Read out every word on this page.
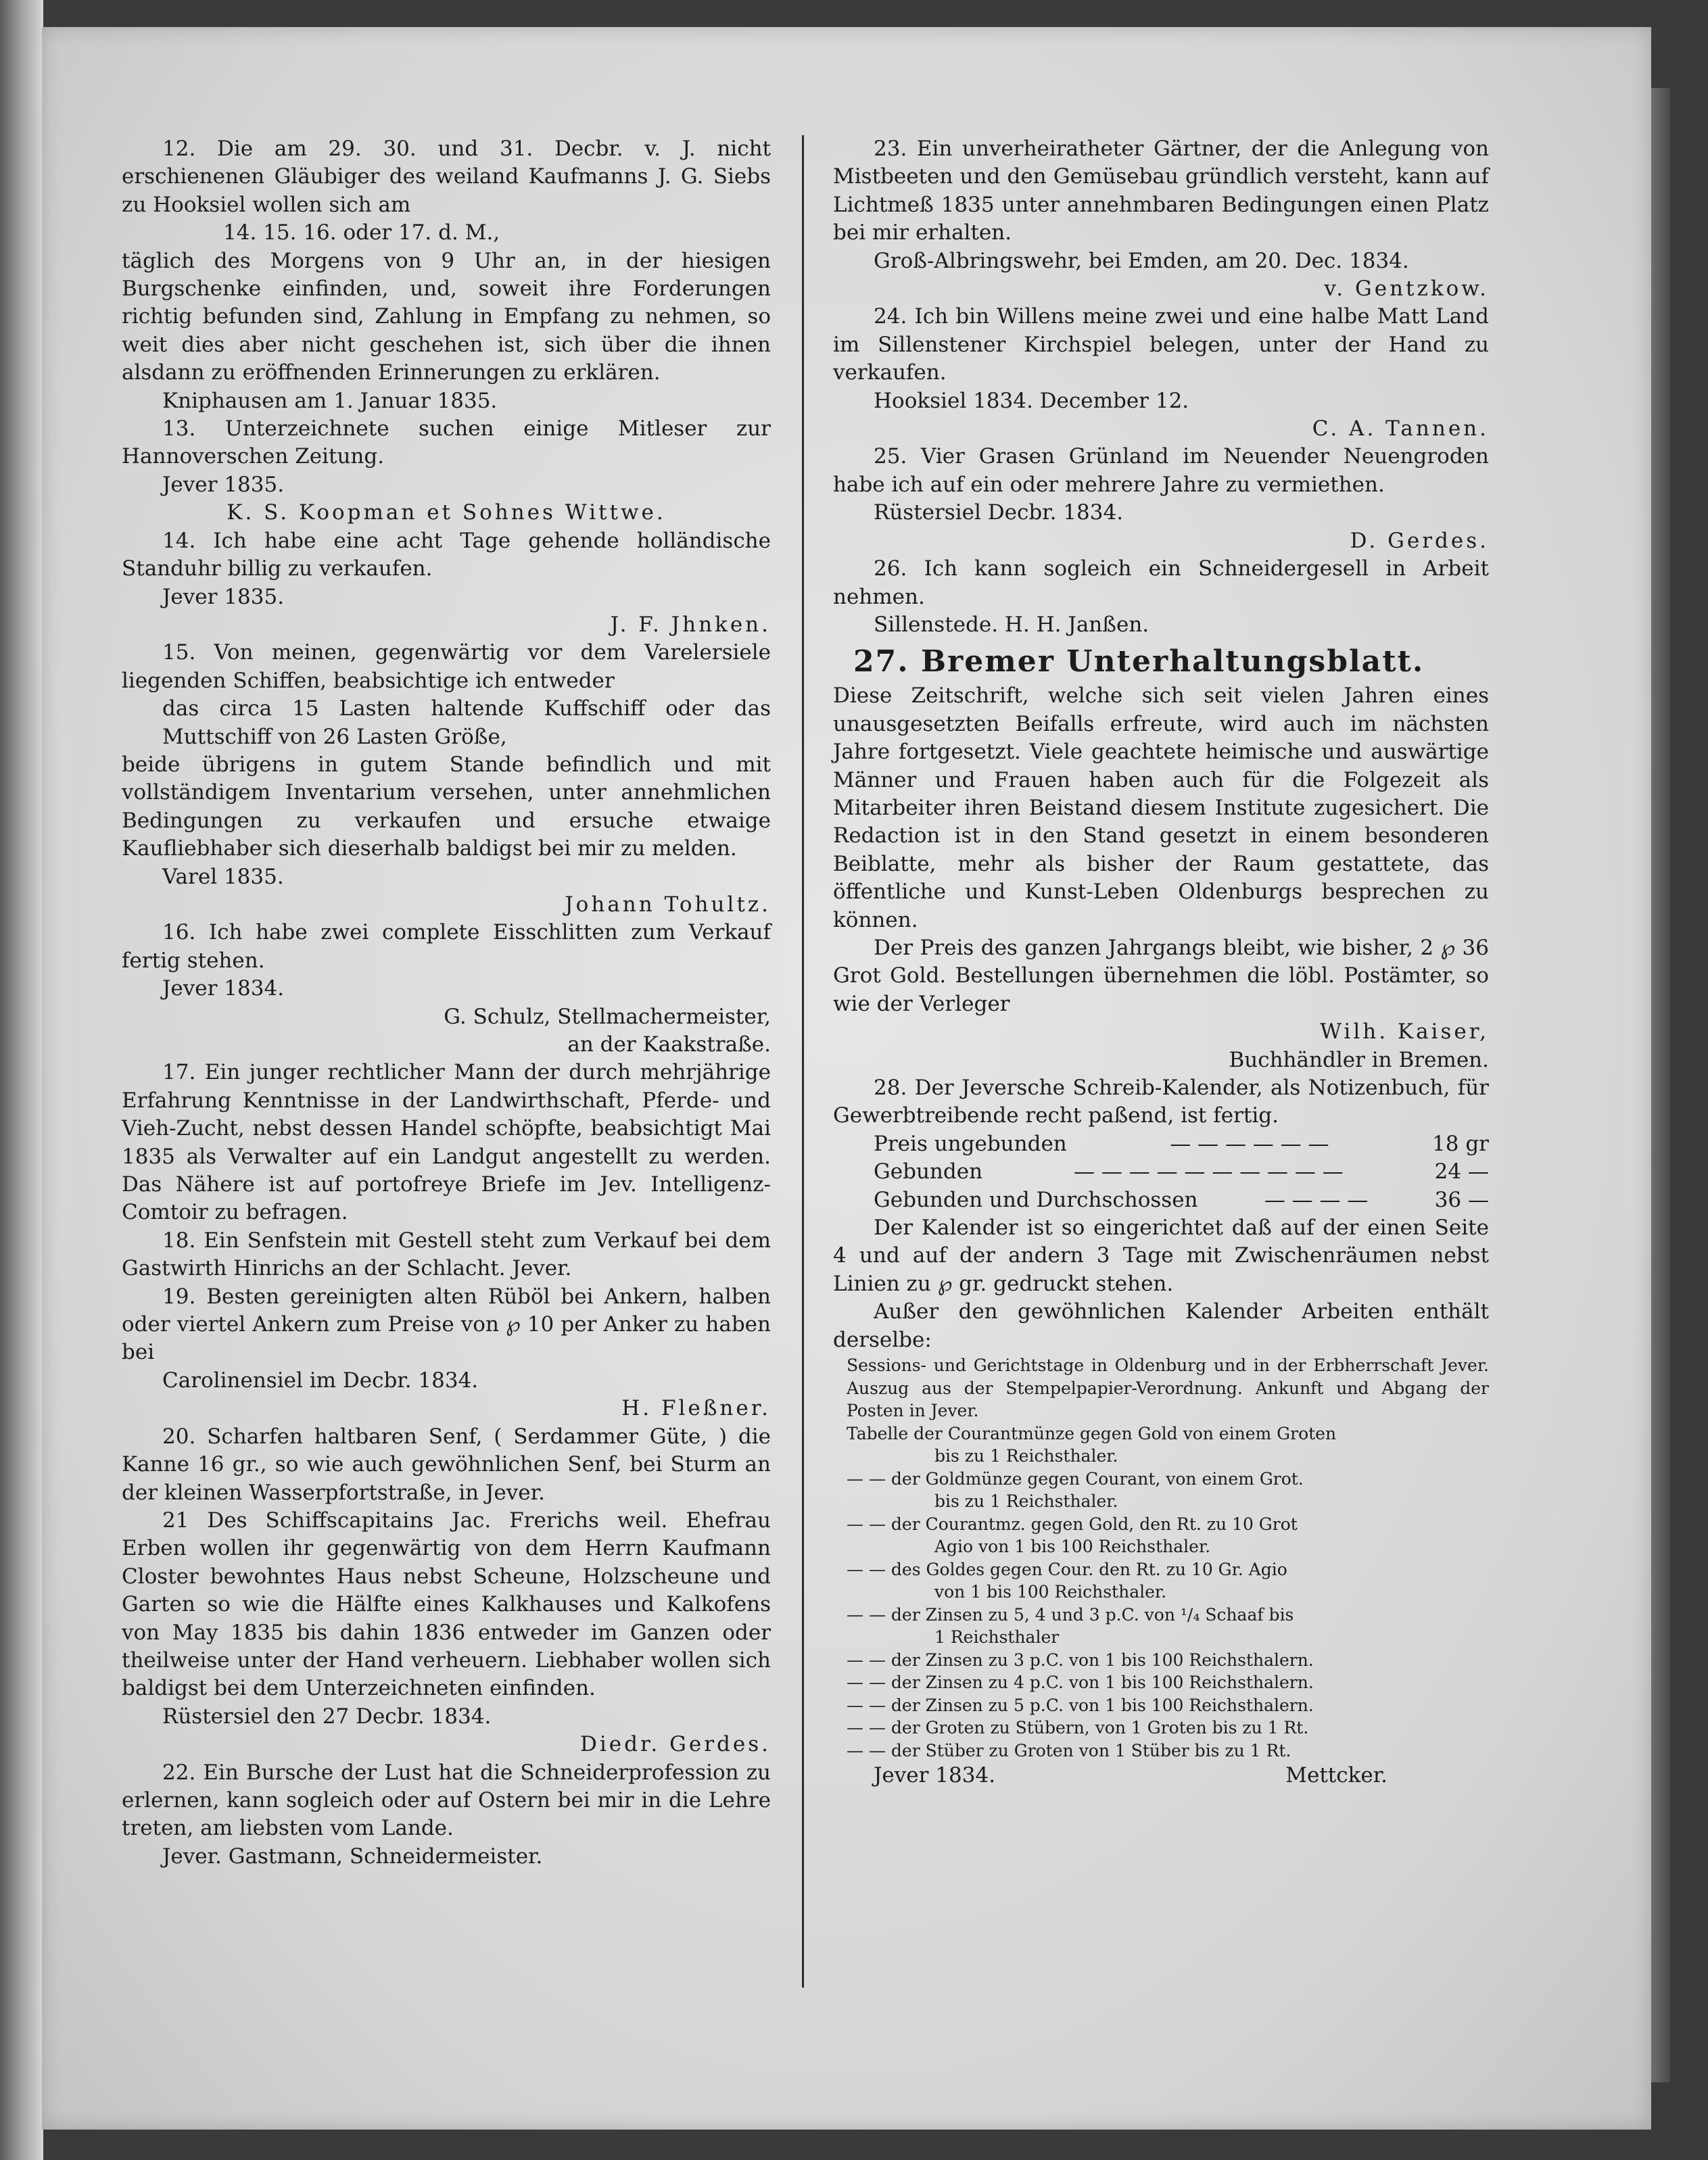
12. Die am 29. 30. und 31. Decbr. v. J. nicht erschienenen Gläubiger des weiland Kaufmanns J. G. Siebs zu Hooksiel wollen sich am
14. 15. 16. oder 17. d. M.,
täglich des Morgens von 9 Uhr an, in der hiesigen Burgschenke einfinden, und, soweit ihre Forderungen richtig befunden sind, Zahlung in Empfang zu nehmen, so weit dies aber nicht geschehen ist, sich über die ihnen alsdann zu eröffnenden Erinnerungen zu erklären.
Kniphausen am 1. Januar 1835.
13. Unterzeichnete suchen einige Mitleser zur Hannoverschen Zeitung.
Jever 1835.
K. S. Koopman et Sohnes Wittwe.
14. Ich habe eine acht Tage gehende holländische Standuhr billig zu verkaufen.
Jever 1835.
J. F. Jhnken.
15. Von meinen, gegenwärtig vor dem Varelersiele liegenden Schiffen, beabsichtige ich entweder
das circa 15 Lasten haltende Kuffschiff oder das Muttschiff von 26 Lasten Größe,
beide übrigens in gutem Stande befindlich und mit vollständigem Inventarium versehen, unter annehmlichen Bedingungen zu verkaufen und ersuche etwaige Kaufliebhaber sich dieserhalb baldigst bei mir zu melden.
Varel 1835.
Johann Tohultz.
16. Ich habe zwei complete Eisschlitten zum Verkauf fertig stehen.
Jever 1834.
G. Schulz, Stellmachermeister,
an der Kaakstraße.
17. Ein junger rechtlicher Mann der durch mehrjährige Erfahrung Kenntnisse in der Landwirthschaft, Pferde- und Vieh-Zucht, nebst dessen Handel schöpfte, beabsichtigt Mai 1835 als Verwalter auf ein Landgut angestellt zu werden. Das Nähere ist auf portofreye Briefe im Jev. Intelligenz-Comtoir zu befragen.
18. Ein Senfstein mit Gestell steht zum Verkauf bei dem Gastwirth Hinrichs an der Schlacht. Jever.
19. Besten gereinigten alten Rüböl bei Ankern, halben oder viertel Ankern zum Preise von ℘ 10 per Anker zu haben bei
Carolinensiel im Decbr. 1834.
H. Fleßner.
20. Scharfen haltbaren Senf, ( Serdammer Güte, ) die Kanne 16 gr., so wie auch gewöhnlichen Senf, bei Sturm an der kleinen Wasserpfortstraße, in Jever.
21 Des Schiffscapitains Jac. Frerichs weil. Ehefrau Erben wollen ihr gegenwärtig von dem Herrn Kaufmann Closter bewohntes Haus nebst Scheune, Holzscheune und Garten so wie die Hälfte eines Kalkhauses und Kalkofens von May 1835 bis dahin 1836 entweder im Ganzen oder theilweise unter der Hand verheuern. Liebhaber wollen sich baldigst bei dem Unterzeichneten einfinden.
Rüstersiel den 27 Decbr. 1834.
Diedr. Gerdes.
22. Ein Bursche der Lust hat die Schneiderprofession zu erlernen, kann sogleich oder auf Ostern bei mir in die Lehre treten, am liebsten vom Lande.
Jever. Gastmann, Schneidermeister.
23. Ein unverheiratheter Gärtner, der die Anlegung von Mistbeeten und den Gemüsebau gründlich versteht, kann auf Lichtmeß 1835 unter annehmbaren Bedingungen einen Platz bei mir erhalten.
Groß-Albringswehr, bei Emden, am 20. Dec. 1834.
v. Gentzkow.
24. Ich bin Willens meine zwei und eine halbe Matt Land im Sillenstener Kirchspiel belegen, unter der Hand zu verkaufen.
Hooksiel 1834. December 12.
C. A. Tannen.
25. Vier Grasen Grünland im Neuender Neuengroden habe ich auf ein oder mehrere Jahre zu vermiethen.
Rüstersiel Decbr. 1834.
D. Gerdes.
26. Ich kann sogleich ein Schneidergesell in Arbeit nehmen.
Sillenstede. H. H. Janßen.
27. Bremer Unterhaltungsblatt.
Diese Zeitschrift, welche sich seit vielen Jahren eines unausgesetzten Beifalls erfreute, wird auch im nächsten Jahre fortgesetzt. Viele geachtete heimische und auswärtige Männer und Frauen haben auch für die Folgezeit als Mitarbeiter ihren Beistand diesem Institute zugesichert. Die Redaction ist in den Stand gesetzt in einem besonderen Beiblatte, mehr als bisher der Raum gestattete, das öffentliche und Kunst-Leben Oldenburgs besprechen zu können.
Der Preis des ganzen Jahrgangs bleibt, wie bisher, 2 ℘ 36 Grot Gold. Bestellungen übernehmen die löbl. Postämter, so wie der Verleger
Wilh. Kaiser,
Buchhändler in Bremen.
28. Der Jeversche Schreib-Kalender, als Notizenbuch, für Gewerbtreibende recht paßend, ist fertig.
Preis ungebunden	— — — — — —	18 gr
Gebunden	— — — — — — — — — —	24 —
Gebunden und Durchschossen	— — — —	36 —
Der Kalender ist so eingerichtet daß auf der einen Seite 4 und auf der andern 3 Tage mit Zwischenräumen nebst Linien zu ℘ gr. gedruckt stehen.
Außer den gewöhnlichen Kalender Arbeiten enthält derselbe:
Sessions- und Gerichtstage in Oldenburg und in der Erbherrschaft Jever. Auszug aus der Stempelpapier-Verordnung. Ankunft und Abgang der Posten in Jever.
Tabelle der Courantmünze gegen Gold von einem Groten
bis zu 1 Reichsthaler.
— — der Goldmünze gegen Courant, von einem Grot.
bis zu 1 Reichsthaler.
— — der Courantmz. gegen Gold, den Rt. zu 10 Grot
Agio von 1 bis 100 Reichsthaler.
— — des Goldes gegen Cour. den Rt. zu 10 Gr. Agio
von 1 bis 100 Reichsthaler.
— — der Zinsen zu 5, 4 und 3 p.C. von ¹/₄ Schaaf bis
1 Reichsthaler
— — der Zinsen zu 3 p.C. von 1 bis 100 Reichsthalern.
— — der Zinsen zu 4 p.C. von 1 bis 100 Reichsthalern.
— — der Zinsen zu 5 p.C. von 1 bis 100 Reichsthalern.
— — der Groten zu Stübern, von 1 Groten bis zu 1 Rt.
— — der Stüber zu Groten von 1 Stüber bis zu 1 Rt.
Jever 1834.	Mettcker.
